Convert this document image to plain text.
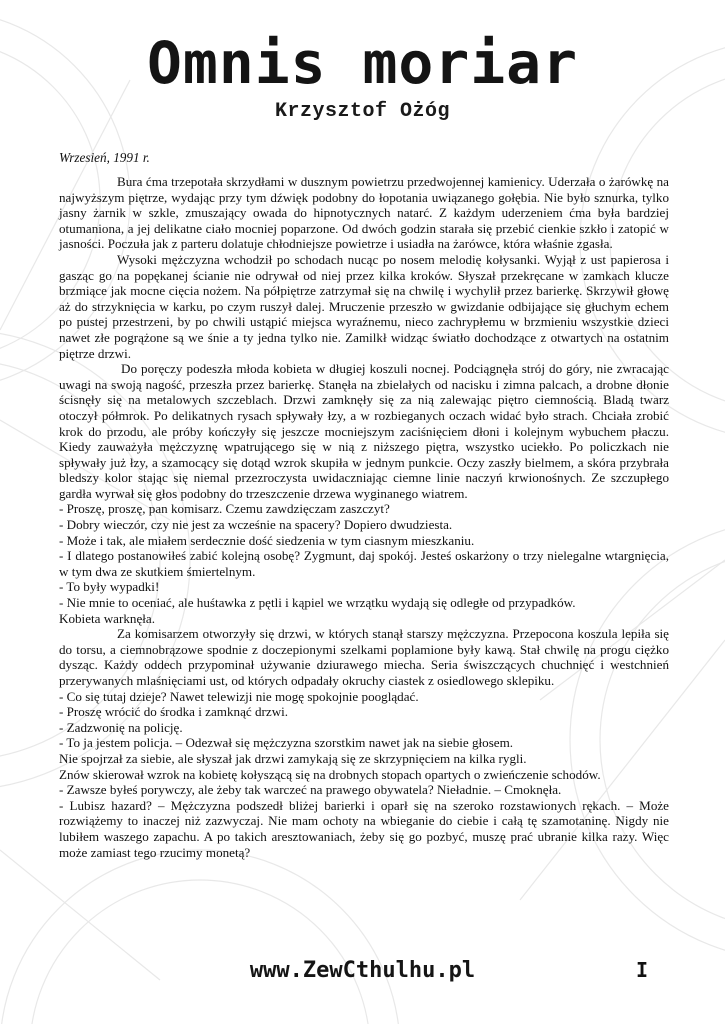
Omnis moriar
Krzysztof Ożóg
Wrzesień, 1991 r.

Bura ćma trzepotała skrzydłami w dusznym powietrzu przedwojennej kamienicy. Uderzała o żarówkę na najwyższym piętrze, wydając przy tym dźwięk podobny do łopotania uwiązanego gołębia. Nie było sznurka, tylko jasny żarnik w szkle, zmuszający owada do hipnotycznych natarć. Z każdym uderzeniem ćma była bardziej otumaniona, a jej delikatne ciało mocniej poparzone. Od dwóch godzin starała się przebić cienkie szkło i zatopić w jasności. Poczuła jak z parteru dolatuje chłodniejsze powietrze i usiadła na żarówce, która właśnie zgasła.

Wysoki mężczyzna wchodził po schodach nucąc po nosem melodię kołysanki. Wyjął z ust papierosa i gasząc go na popękanej ścianie nie odrywał od niej przez kilka kroków. Słyszał przekręcane w zamkach klucze brzmiące jak mocne cięcia nożem. Na półpiętrze zatrzymał się na chwilę i wychylił przez barierkę. Skrzywił głowę aż do strzyknięcia w karku, po czym ruszył dalej. Mruczenie przeszło w gwizdanie odbijające się głuchym echem po pustej przestrzeni, by po chwili ustąpić miejsca wyraźnemu, nieco zachrypłemu w brzmieniu wszystkie dzieci nawet złe pogrążone są we śnie a ty jedna tylko nie. Zamilkł widząc światło dochodzące z otwartych na ostatnim piętrze drzwi.

Do poręczy podeszła młoda kobieta w długiej koszuli nocnej. Podciągnęła strój do góry, nie zwracając uwagi na swoją nagość, przeszła przez barierkę. Stanęła na zbielałych od nacisku i zimna palcach, a drobne dłonie ścisnęły się na metalowych szczeblach. Drzwi zamknęły się za nią zalewając piętro ciemnością. Bladą twarz otoczył półmrok. Po delikatnych rysach spływały łzy, a w rozbieganych oczach widać było strach. Chciała zrobić krok do przodu, ale próby kończyły się jeszcze mocniejszym zaciśnięciem dłoni i kolejnym wybuchem płaczu. Kiedy zauważyła mężczyznę wpatrującego się w nią z niższego piętra, wszystko uciekło. Po policzkach nie spływały już łzy, a szamocący się dotąd wzrok skupiła w jednym punkcie. Oczy zaszły bielmem, a skóra przybrała bledszy kolor stając się niemal przezroczysta uwidaczniając ciemne linie naczyń krwionośnych. Ze szczupłego gardła wyrwał się głos podobny do trzeszczenie drzewa wyginanego wiatrem.

- Proszę, proszę, pan komisarz. Czemu zawdzięczam zaszczyt?

- Dobry wieczór, czy nie jest za wcześnie na spacery? Dopiero dwudziesta.

- Może i tak, ale miałem serdecznie dość siedzenia w tym ciasnym mieszkaniu.

- I dlatego postanowiłeś zabić kolejną osobę? Zygmunt, daj spokój. Jesteś oskarżony o trzy nielegalne wtargnięcia, w tym dwa ze skutkiem śmiertelnym.

- To były wypadki!

- Nie mnie to oceniać, ale huśtawka z pętli i kąpiel we wrzątku wydają się odległe od przypadków.

Kobieta warknęła.

Za komisarzem otworzyły się drzwi, w których stanął starszy mężczyzna. Przepocona koszula lepiła się do torsu, a ciemnobrązowe spodnie z doczepionymi szelkami poplamione były kawą. Stał chwilę na progu ciężko dysząc. Każdy oddech przypominał używanie dziurawego miecha. Seria świszczących chuchnięć i westchnień przerywanych mlaśnięciami ust, od których odpadały okruchy ciastek z osiedlowego sklepiku.

- Co się tutaj dzieje? Nawet telewizji nie mogę spokojnie pooglądać.

- Proszę wrócić do środka i zamknąć drzwi.

- Zadzwonię na policję.

- To ja jestem policja. – Odezwał się mężczyzna szorstkim nawet jak na siebie głosem.

Nie spojrzał za siebie, ale słyszał jak drzwi zamykają się ze skrzypnięciem na kilka rygli.

Znów skierował wzrok na kobietę kołyszącą się na drobnych stopach opartych o zwieńczenie schodów.

- Zawsze byłeś porywczy, ale żeby tak warczeć na prawego obywatela? Nieładnie. – Cmoknęła.

- Lubisz hazard? – Mężczyzna podszedł bliżej barierki i oparł się na szeroko rozstawionych rękach. – Może rozwiążemy to inaczej niż zazwyczaj. Nie mam ochoty na wbieganie do ciebie i całą tę szamotaninę. Nigdy nie lubiłem waszego zapachu. A po takich aresztowaniach, żeby się go pozbyć, muszę prać ubranie kilka razy. Więc może zamiast tego rzucimy monetą?

www.ZewCthulhu.pl	I
